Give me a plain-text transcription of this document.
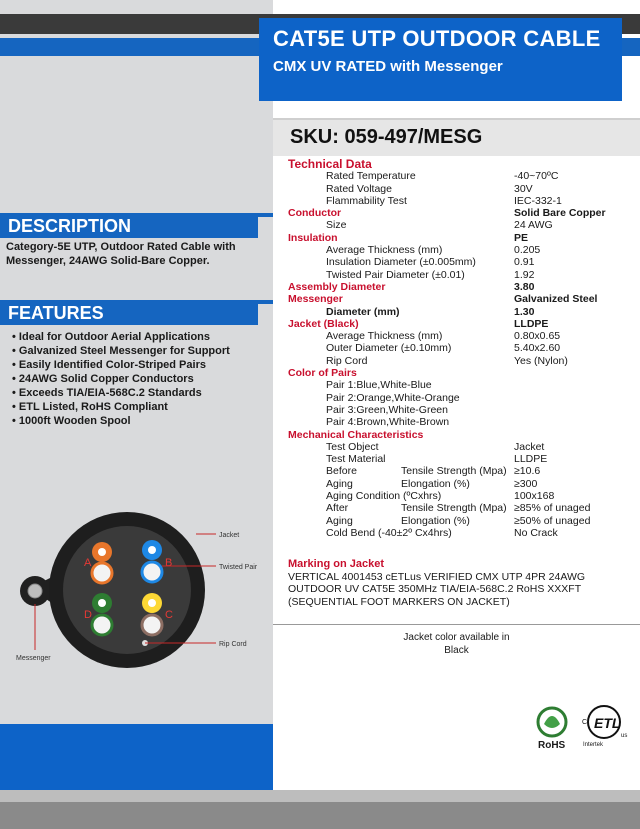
CAT5E UTP OUTDOOR CABLE
CMX UV RATED with Messenger
SKU: 059-497/MESG
DESCRIPTION
Category-5E UTP, Outdoor Rated Cable with Messenger, 24AWG Solid-Bare Copper.
FEATURES
• Ideal for Outdoor Aerial Applications
• Galvanized Steel Messenger for Support
• Easily Identified Color-Striped Pairs
• 24AWG Solid Copper Conductors
• Exceeds TIA/EIA-568C.2 Standards
• ETL Listed, RoHS Compliant
• 1000ft Wooden Spool
A	B
C
D
Jacket
Twisted Pair
Rip Cord
Messenger
Technical Data
Rated Temperature	-40~70ºC
Rated Voltage	30V
Flammability Test	IEC-332-1
Conductor	Solid Bare Copper
Size	24 AWG
Insulation	PE
Average Thickness (mm)	0.205
Insulation Diameter (±0.005mm)	0.91
Twisted Pair Diameter (±0.01)	1.92
Assembly Diameter	3.80
Messenger	Galvanized Steel
Diameter (mm)	1.30
Jacket (Black)	LLDPE
Average Thickness (mm)	0.80x0.65
Outer Diameter (±0.10mm)	5.40x2.60
Rip Cord	Yes (Nylon)
Color of Pairs
Pair 1:Blue,White-Blue
Pair 2:Orange,White-Orange
Pair 3:Green,White-Green
Pair 4:Brown,White-Brown
Mechanical Characteristics
Test Object	Jacket
Test Material	LLDPE
Before	Tensile Strength (Mpa) ≥10.6
Aging	Elongation (%)	≥300
Aging Condition (ºCxhrs)	100x168
After	Tensile Strength (Mpa) ≥85% of unaged
Aging	Elongation (%)	≥50% of unaged
Cold Bend (-40±2º Cx4hrs)	No Crack
Marking on Jacket
VERTICAL 4001453 cETLus VERIFIED CMX UTP 4PR 24AWG OUTDOOR UV CAT5E 350MHz TIA/EIA-568C.2 RoHS XXXFT (SEQUENTIAL FOOT MARKERS ON JACKET)
Jacket color available in
Black
ETL
C
us
RoHS	Intertek
